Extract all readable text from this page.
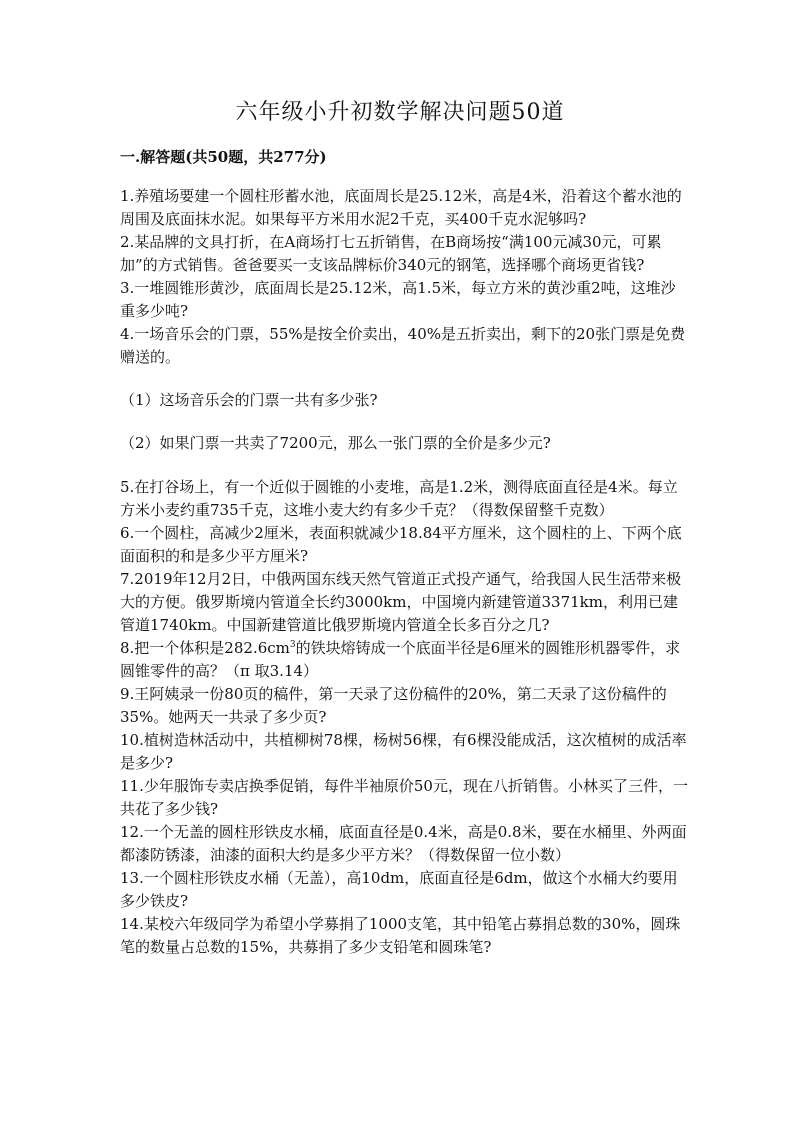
六年级小升初数学解决问题50道
一.解答题(共50题，共277分)

1.养殖场要建一个圆柱形蓄水池，底面周长是25.12米，高是4米，沿着这个蓄水池的周围及底面抹水泥。如果每平方米用水泥2千克，买400千克水泥够吗?

2.某品牌的文具打折，在A商场打七五折销售，在B商场按“满100元减30元，可累加”的方式销售。爸爸要买一支该品牌标价340元的钢笔，选择哪个商场更省钱?

3.一堆圆锥形黄沙，底面周长是25.12米，高1.5米，每立方米的黄沙重2吨，这堆沙重多少吨?

4.一场音乐会的门票，55%是按全价卖出，40%是五折卖出，剩下的20张门票是免费赠送的。

（1）这场音乐会的门票一共有多少张?

（2）如果门票一共卖了7200元，那么一张门票的全价是多少元?

5.在打谷场上，有一个近似于圆锥的小麦堆，高是1.2米，测得底面直径是4米。每立方米小麦约重735千克，这堆小麦大约有多少千克？（得数保留整千克数）

6.一个圆柱，高减少2厘米，表面积就减少18.84平方厘米，这个圆柱的上、下两个底面面积的和是多少平方厘米?

7.2019年12月2日，中俄两国东线天然气管道正式投产通气，给我国人民生活带来极大的方便。俄罗斯境内管道全长约3000km，中国境内新建管道3371km，利用已建管道1740km。中国新建管道比俄罗斯境内管道全长多百分之几?

8.把一个体积是$282.6cm^3$的铁块熔铸成一个底面半径是6厘米的圆锥形机器零件，求圆锥零件的高？（π 取3.14）

9.王阿姨录一份80页的稿件，第一天录了这份稿件的20%，第二天录了这份稿件的35%。她两天一共录了多少页?

10.植树造林活动中，共植柳树78棵，杨树56棵，有6棵没能成活，这次植树的成活率是多少?

11.少年服饰专卖店换季促销，每件半袖原价50元，现在八折销售。小林买了三件，一共花了多少钱?

12.一个无盖的圆柱形铁皮水桶，底面直径是0.4米，高是0.8米，要在水桶里、外两面都漆防锈漆，油漆的面积大约是多少平方米？（得数保留一位小数）

13.一个圆柱形铁皮水桶（无盖），高10dm，底面直径是6dm，做这个水桶大约要用多少铁皮?

14.某校六年级同学为希望小学募捐了1000支笔，其中铅笔占募捐总数的30%，圆珠笔的数量占总数的15%，共募捐了多少支铅笔和圆珠笔?
